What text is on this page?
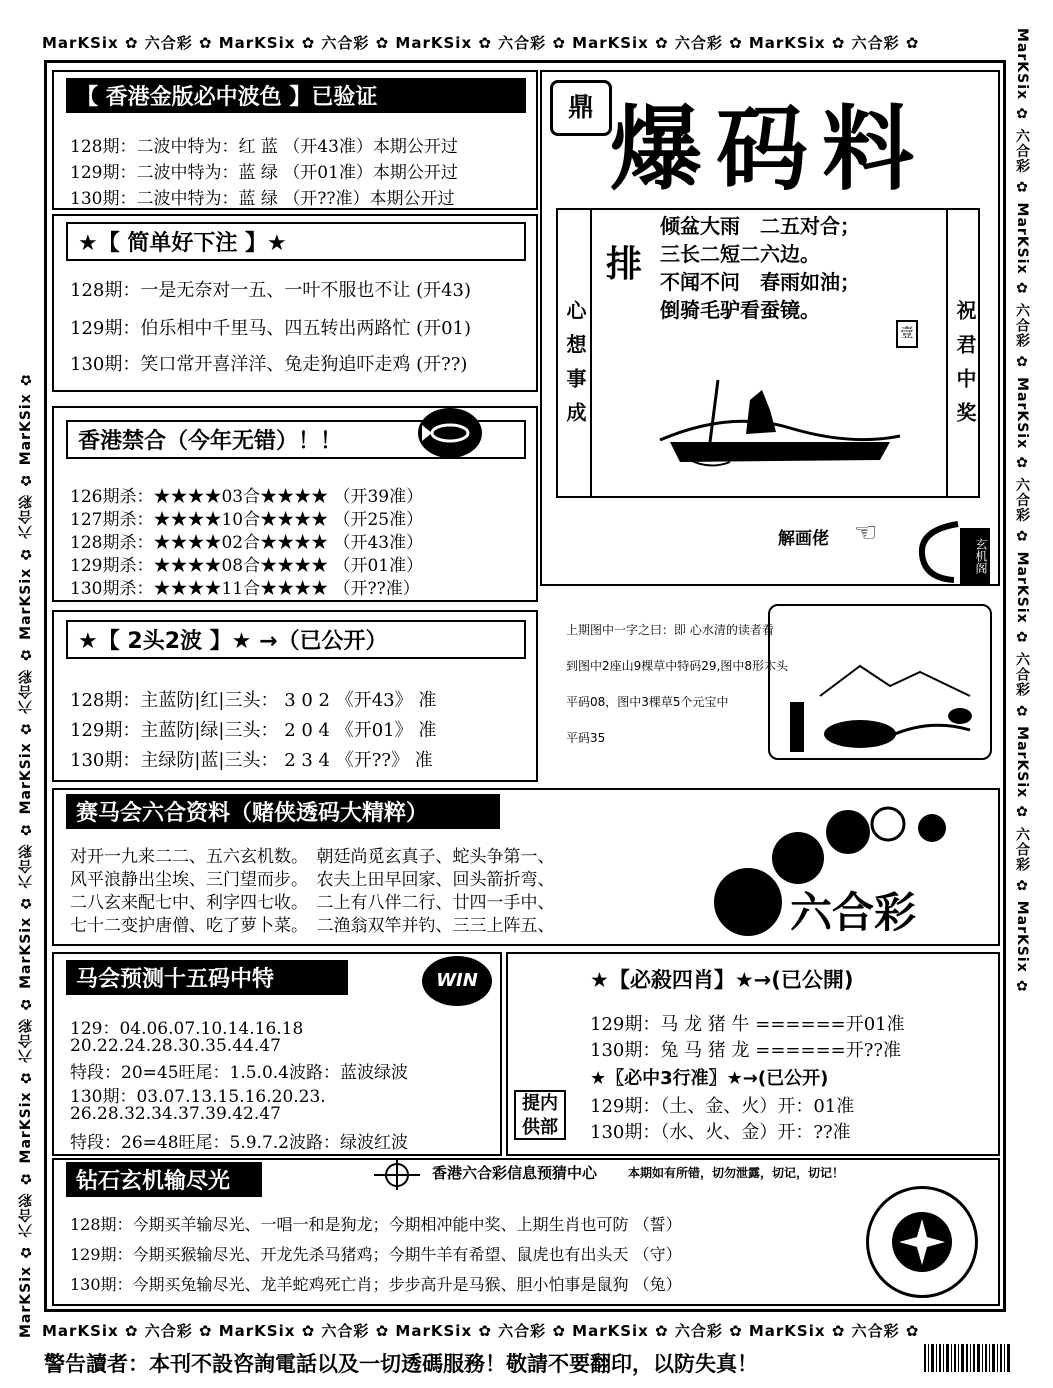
MarKSix ✿ 六合彩 ✿ MarKSix ✿ 六合彩 ✿ MarKSix ✿ 六合彩 ✿ MarKSix ✿ 六合彩 ✿ MarKSix ✿ 六合彩 ✿
MarKSix ✿ 六合彩 ✿ MarKSix ✿ 六合彩 ✿ MarKSix ✿ 六合彩 ✿ MarKSix ✿ 六合彩 ✿ MarKSix ✿ 六合彩 ✿
MarKSix ✿ 六合彩 ✿ MarKSix ✿ 六合彩 ✿ MarKSix ✿ 六合彩 ✿ MarKSix ✿ 六合彩 ✿ MarKSix ✿ 六合彩 ✿ MarKSix ✿	MarKSix ✿ 六合彩 ✿ MarKSix ✿ 六合彩 ✿ MarKSix ✿ 六合彩 ✿ MarKSix ✿ 六合彩 ✿ MarKSix ✿ 六合彩 ✿ MarKSix ✿
【 香港金版必中波色 】已验证
128期：二波中特为：红 蓝 （开43准）本期公开过
129期：二波中特为：蓝 绿 （开01准）本期公开过
130期：二波中特为：蓝 绿 （开??准）本期公开过
★【 简单好下注 】★
128期：一是无奈对一五、一叶不服也不让 (开43)
129期：伯乐相中千里马、四五转出两路忙 (开01)
130期：笑口常开喜洋洋、兔走狗追吓走鸡 (开??)
香港禁合（今年无错）！！
126期杀：★★★★03合★★★★ （开39准）
127期杀：★★★★10合★★★★ （开25准）
128期杀：★★★★02合★★★★ （开43准）
129期杀：★★★★08合★★★★ （开01准）
130期杀：★★★★11合★★★★ （开??准）
★【 2头2波 】★ →（已公开）
128期：主蓝防|红|三头： 3 0 2 《开43》 准
129期：主蓝防|绿|三头： 2 0 4 《开01》 准
130期：主绿防|蓝|三头： 2 3 4 《开??》 准
鼎 爆码料
心想事成	祝君中奖
排
倾盆大雨　二五对合；
三长二短二六边。
不闻不问　春雨如油；
倒骑毛驴看蚕镜。
壹
解画佬 ☜
玄机阁
上期图中一字之曰：即 心水清的读者看
到图中2座山9棵草中特码29,图中8形木头
平码08，图中3棵草5个元宝中
平码35
赛马会六合资料（赌侠透码大精粹）
对开一九来二二、五六玄机数。　朝廷尚觅玄真子、蛇头争第一、
风平浪静出尘埃、三门望而步。　农夫上田早回家、回头箭折弯、
二八玄来配七中、利字四七收。　二上有八伴二行、廿四一手中、
七十二变护唐僧、吃了萝卜菜。　二渔翁双竿并钓、三三上阵五、	六合彩
马会预测十五码中特	WIN
129：04.06.07.10.14.16.18
20.22.24.28.30.35.44.47
特段：20=45旺尾：1.5.0.4波路：蓝波绿波
130期：03.07.13.15.16.20.23.
26.28.32.34.37.39.42.47
特段：26=48旺尾：5.9.7.2波路：绿波红波
★【必殺四肖】★→(已公開)
129期：马 龙 猪 牛 ======开01准
130期：兔 马 猪 龙 ======开??准
★〖必中3行准〗★→(已公开)
129期：（土、金、火）开：01准
130期：（水、火、金）开：??准
提内供部
钻石玄机输尽光	香港六合彩信息预猜中心	本期如有所错，切勿泄露，切记，切记！
128期：今期买羊输尽光、一唱一和是狗龙；今期相冲能中奖、上期生肖也可防 （誓）
129期：今期买猴输尽光、开龙先杀马猪鸡；今期牛羊有希望、鼠虎也有出头天 （守）
130期：今期买兔输尽光、龙羊蛇鸡死亡肖；步步高升是马猴、胆小怕事是鼠狗 （兔）
警告讀者：本刊不設咨詢電話以及一切透碼服務！敬請不要翻印，以防失真！
